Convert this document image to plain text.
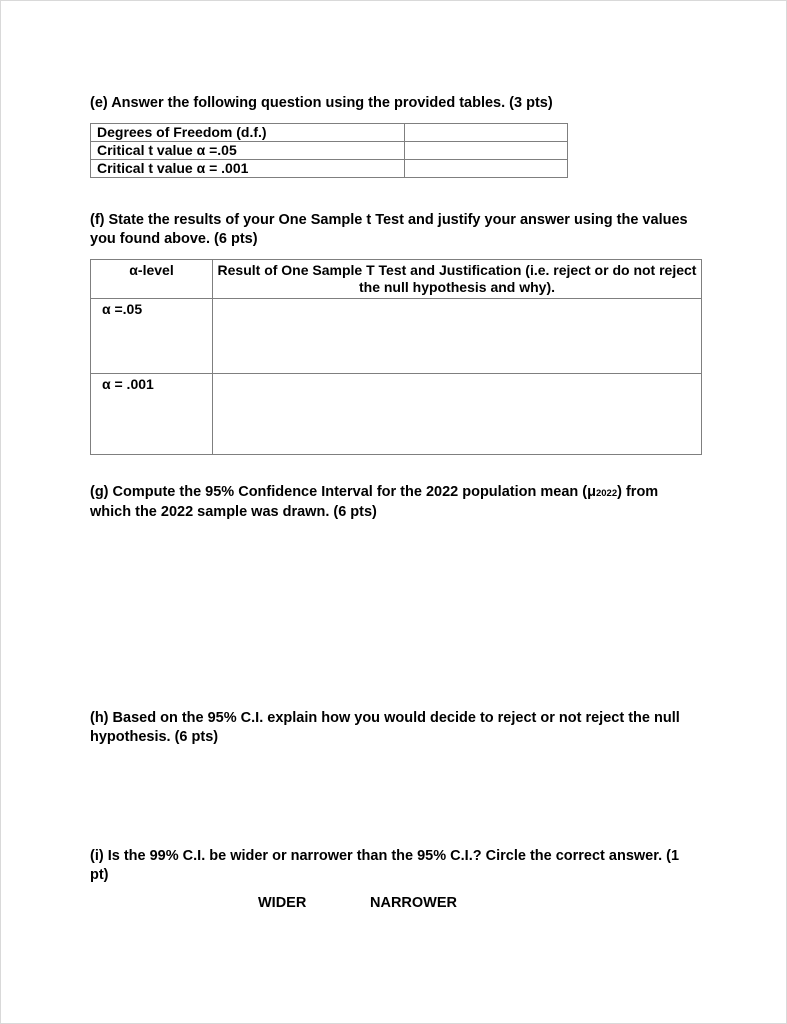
(e) Answer the following question using the provided tables. (3 pts)

Degrees of Freedom (d.f.)	
Critical t value α =.05	
Critical t value α = .001	

(f) State the results of your One Sample t Test and justify your answer using the values you found above. (6 pts)

α-level	Result of One Sample T Test and Justification (i.e. reject or do not reject the null hypothesis and why).
α =.05	
α = .001	

(g) Compute the 95% Confidence Interval for the 2022 population mean (μ2022) from which the 2022 sample was drawn. (6 pts)

(h) Based on the 95% C.I. explain how you would decide to reject or not reject the null hypothesis. (6 pts)

(i) Is the 99% C.I. be wider or narrower than the 95% C.I.? Circle the correct answer. (1 pt)

WIDER	NARROWER
